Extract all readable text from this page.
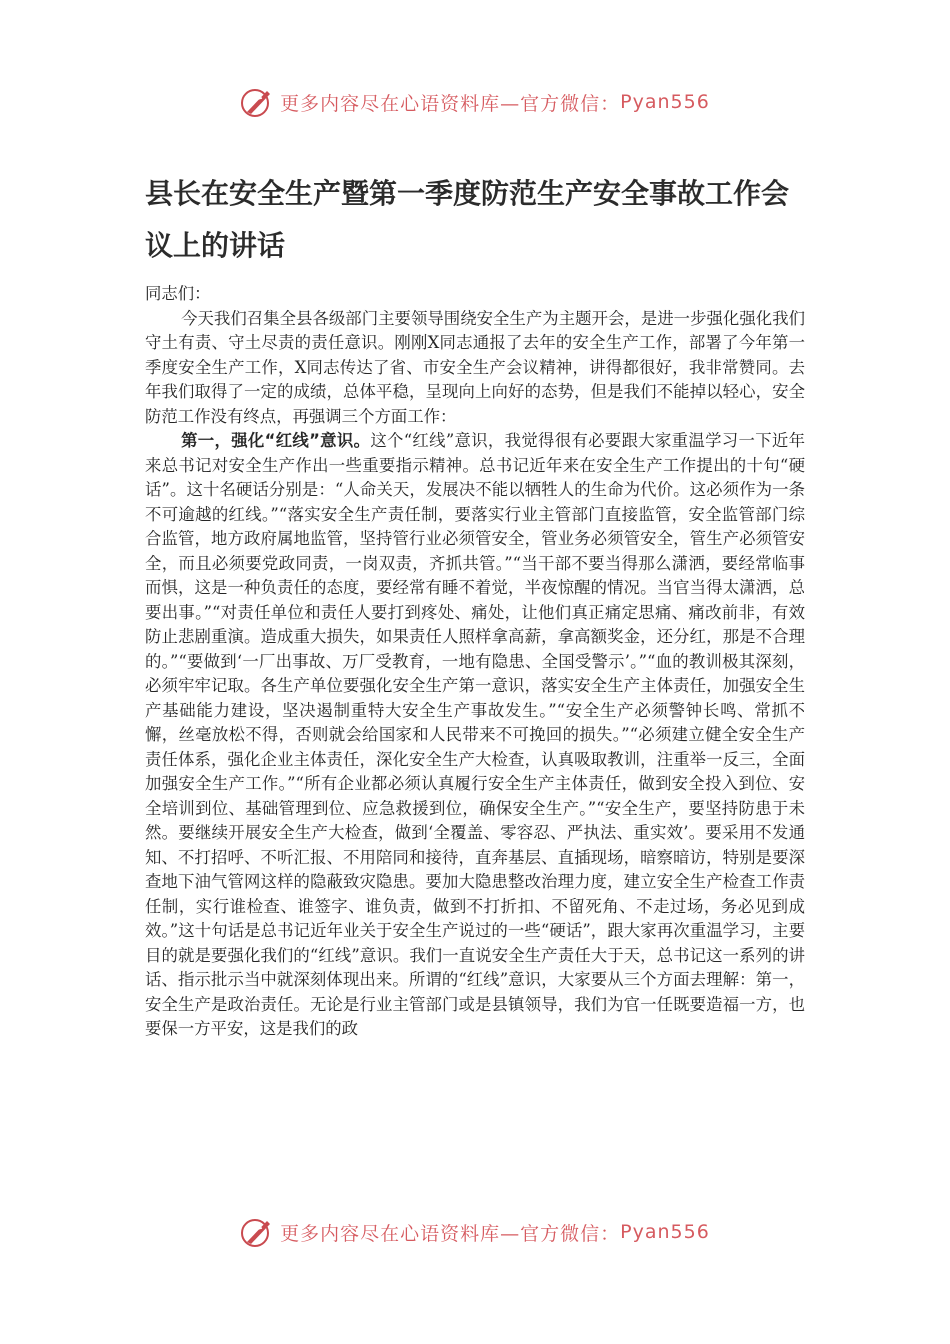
更多内容尽在心语资料库—官方微信： Pyan556
县长在安全生产暨第一季度防范生产安全事故工作会议上的讲话

同志们：

今天我们召集全县各级部门主要领导围绕安全生产为主题开会，是进一步强化强化我们守土有责、守土尽责的责任意识。刚刚X同志通报了去年的安全生产工作，部署了今年第一季度安全生产工作，X同志传达了省、市安全生产会议精神，讲得都很好，我非常赞同。去年我们取得了一定的成绩，总体平稳，呈现向上向好的态势，但是我们不能掉以轻心，安全防范工作没有终点，再强调三个方面工作：

第一，强化“红线”意识。这个“红线”意识，我觉得很有必要跟大家重温学习一下近年来总书记对安全生产作出一些重要指示精神。总书记近年来在安全生产工作提出的十句“硬话”。这十名硬话分别是：“人命关天，发展决不能以牺牲人的生命为代价。这必须作为一条不可逾越的红线。”“落实安全生产责任制，要落实行业主管部门直接监管，安全监管部门综合监管，地方政府属地监管，坚持管行业必须管安全，管业务必须管安全，管生产必须管安全，而且必须要党政同责，一岗双责，齐抓共管。”“当干部不要当得那么潇洒，要经常临事而惧，这是一种负责任的态度，要经常有睡不着觉，半夜惊醒的情况。当官当得太潇洒，总要出事。”“对责任单位和责任人要打到疼处、痛处，让他们真正痛定思痛、痛改前非，有效防止悲剧重演。造成重大损失，如果责任人照样拿高薪，拿高额奖金，还分红，那是不合理的。”“要做到‘一厂出事故、万厂受教育，一地有隐患、全国受警示’。”“血的教训极其深刻，必须牢牢记取。各生产单位要强化安全生产第一意识，落实安全生产主体责任，加强安全生产基础能力建设，坚决遏制重特大安全生产事故发生。”“安全生产必须警钟长鸣、常抓不懈，丝毫放松不得，否则就会给国家和人民带来不可挽回的损失。”“必须建立健全安全生产责任体系，强化企业主体责任，深化安全生产大检查，认真吸取教训，注重举一反三，全面加强安全生产工作。”“所有企业都必须认真履行安全生产主体责任，做到安全投入到位、安全培训到位、基础管理到位、应急救援到位，确保安全生产。”“安全生产，要坚持防患于未然。要继续开展安全生产大检查，做到‘全覆盖、零容忍、严执法、重实效’。要采用不发通知、不打招呼、不听汇报、不用陪同和接待，直奔基层、直插现场，暗察暗访，特别是要深查地下油气管网这样的隐蔽致灾隐患。要加大隐患整改治理力度，建立安全生产检查工作责任制，实行谁检查、谁签字、谁负责，做到不打折扣、不留死角、不走过场，务必见到成效。”这十句话是总书记近年业关于安全生产说过的一些“硬话”，跟大家再次重温学习，主要目的就是要强化我们的“红线”意识。我们一直说安全生产责任大于天，总书记这一系列的讲话、指示批示当中就深刻体现出来。所谓的“红线”意识，大家要从三个方面去理解：第一，安全生产是政治责任。无论是行业主管部门或是县镇领导，我们为官一任既要造福一方，也要保一方平安，这是我们的政

更多内容尽在心语资料库—官方微信： Pyan556
